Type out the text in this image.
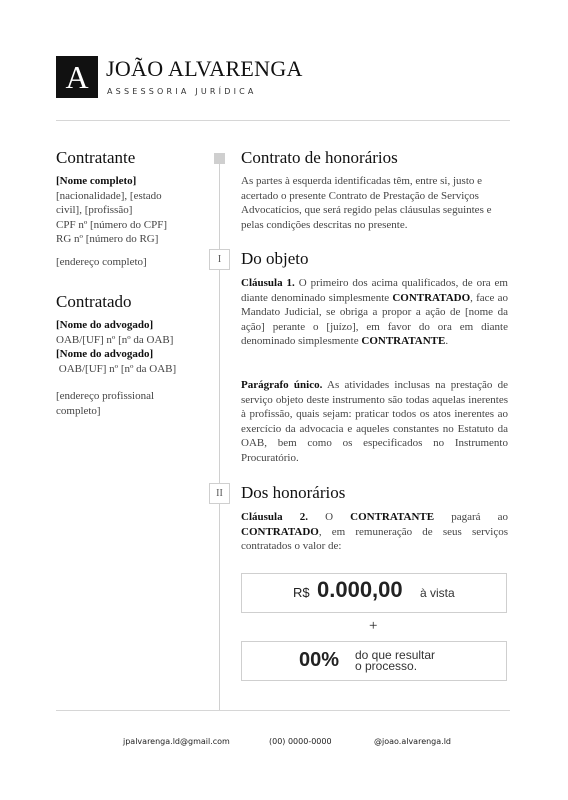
A JOÃO ALVARENGA
ASSESSORIA JURÍDICA
I
II
Contratante
[Nome completo]
[nacionalidade], [estado
civil], [profissão]
CPF nº [número do CPF]
RG nº [número do RG]
[endereço completo]
Contratado
[Nome do advogado]
OAB/[UF] nº [nº da OAB]
[Nome do advogado]
OAB/[UF] nº [nº da OAB]
[endereço profissional completo]
Contrato de honorários
As partes à esquerda identificadas têm, entre si, justo e acertado o presente Contrato de Prestação de Serviços Advocatícios, que será regido pelas cláusulas seguintes e pelas condições descritas no presente.
Do objeto
Cláusula 1. O primeiro dos acima qualificados, de ora em diante denominado simplesmente CONTRATADO, face ao Mandato Judicial, se obriga a propor a ação de [nome da ação] perante o [juízo], em favor do ora em diante denominado simplesmente CONTRATANTE.
Parágrafo único. As atividades inclusas na prestação de serviço objeto deste instrumento são todas aquelas inerentes à profissão, quais sejam: praticar todos os atos inerentes ao exercício da advocacia e aqueles constantes no Estatuto da OAB, bem como os especificados no Instrumento Procuratório.
Dos honorários
Cláusula 2. O CONTRATANTE pagará ao CONTRATADO, em remuneração de seus serviços contratados o valor de:
R$ 0.000,00 à vista
+
00% do que resultar
o processo.
jpalvarenga.ld@gmail.com	(00) 0000-0000	@joao.alvarenga.ld
